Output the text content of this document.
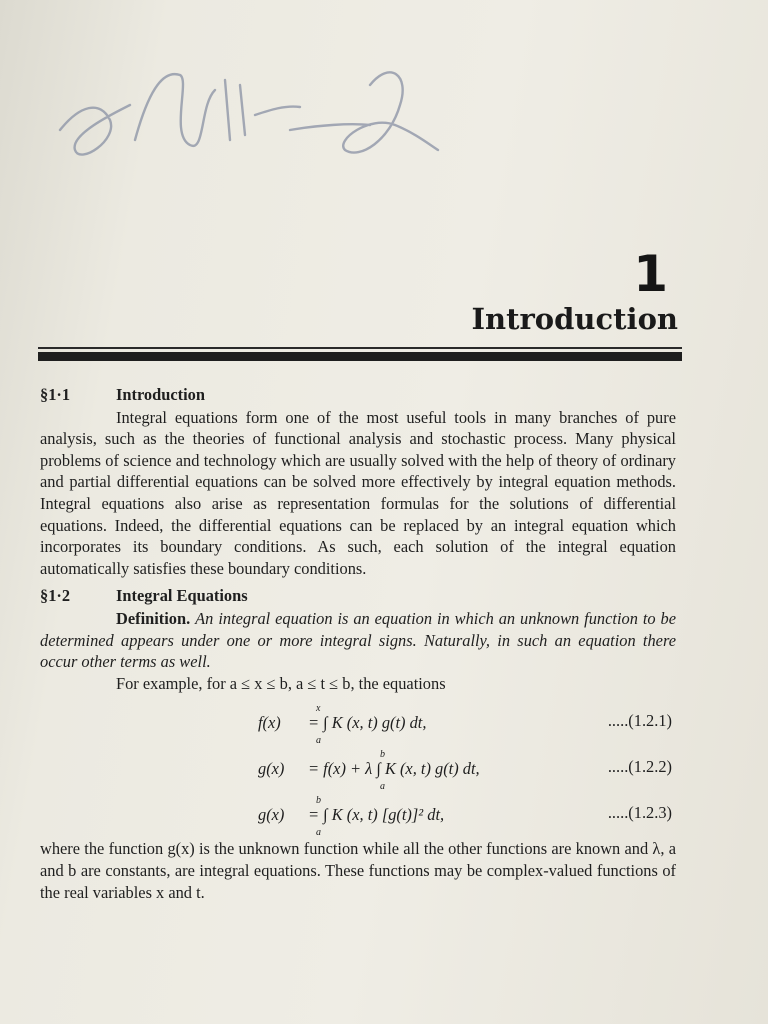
1
Introduction
§1·1	Introduction

Integral equations form one of the most useful tools in many branches of pure analysis, such as the theories of functional analysis and stochastic process. Many physical problems of science and technology which are usually solved with the help of theory of ordinary and partial differential equations can be solved more effectively by integral equation methods. Integral equations also arise as representation formulas for the solutions of differential equations. Indeed, the differential equations can be replaced by an integral equation which incorporates its boundary conditions. As such, each solution of the integral equation automatically satisfies these boundary conditions.

§1·2	Integral Equations

Definition. An integral equation is an equation in which an unknown function to be determined appears under one or more integral signs. Naturally, in such an equation there occur other terms as well.

For example, for a ≤ x ≤ b, a ≤ t ≤ b, the equations

f(x)
x
= ∫ K (x, t) g(t) dt,
a
.....(1.2.1)
g(x)
b
= f(x) + λ ∫ K (x, t) g(t) dt,
a
.....(1.2.2)
g(x)
b
= ∫ K (x, t) [g(t)]² dt,
a
.....(1.2.3)

where the function g(x) is the unknown function while all the other functions are known and λ, a and b are constants, are integral equations. These functions may be complex-valued functions of the real variables x and t.
